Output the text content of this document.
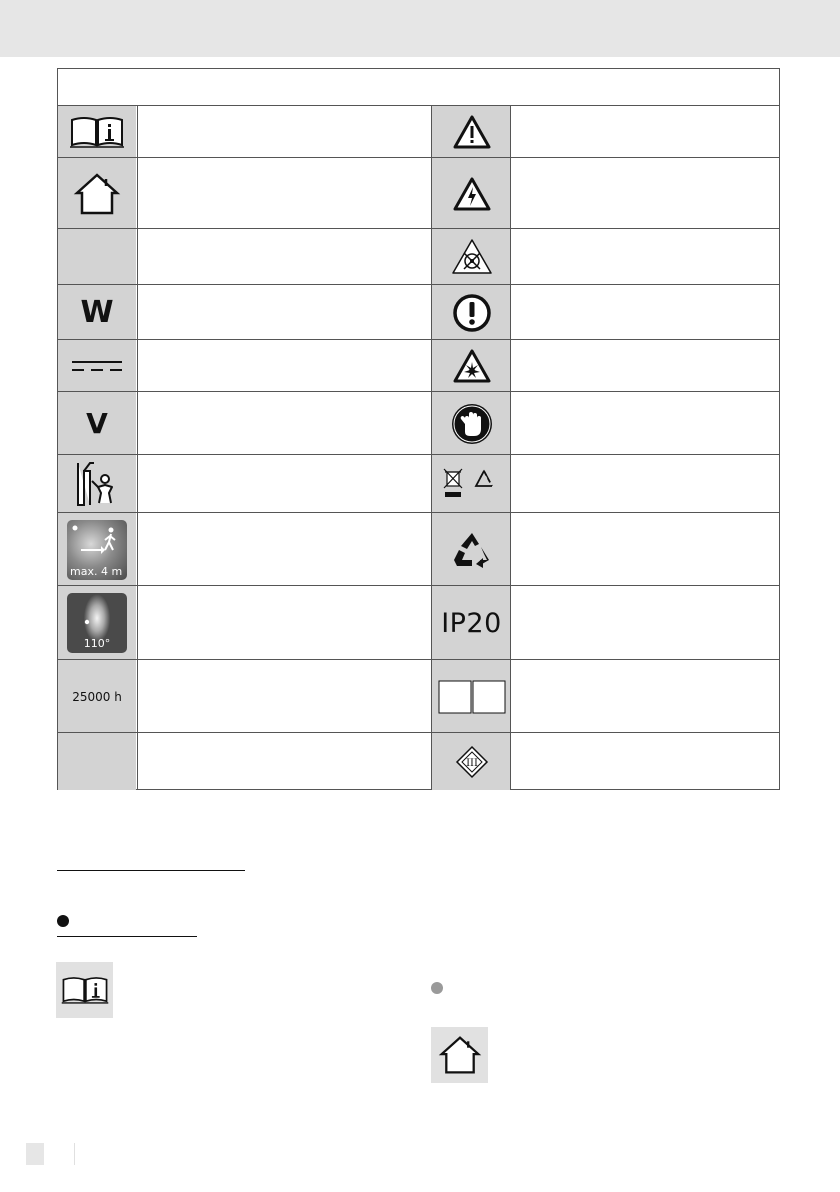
W
V
max. 4 m
110°
IP20
25000 h
III
